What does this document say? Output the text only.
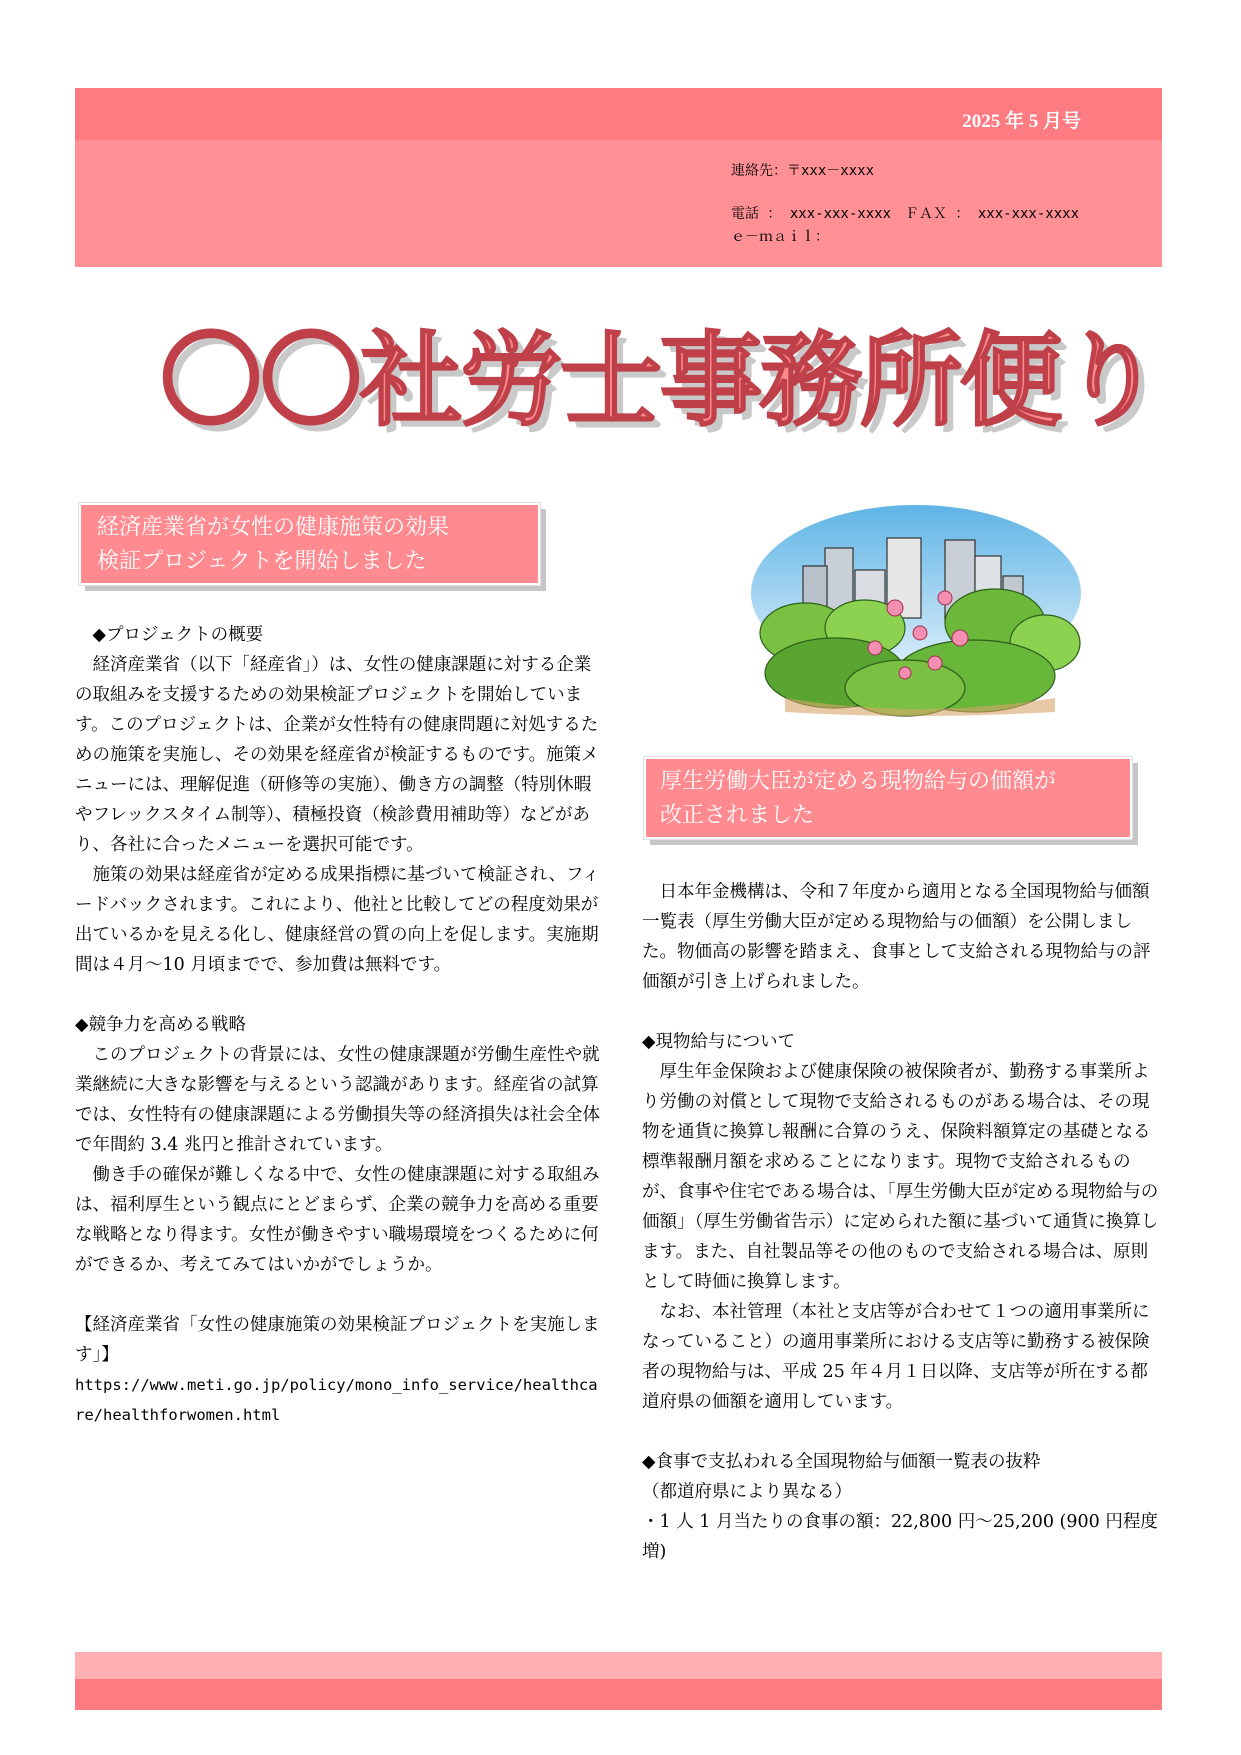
2025 年 5 月号
連絡先：〒xxx－xxxx
電話 ： xxx-xxx-xxxx　ＦＡＸ ： xxx-xxx-xxxx
ｅ－ｍａｉｌ：
〇〇社労士事務所便り
経済産業省が女性の健康施策の効果
検証プロジェクトを開始しました

◆プロジェクトの概要

経済産業省（以下「経産省」）は、女性の健康課題に対する企業の取組みを支援するための効果検証プロジェクトを開始しています。このプロジェクトは、企業が女性特有の健康問題に対処するための施策を実施し、その効果を経産省が検証するものです。施策メニューには、理解促進（研修等の実施）、働き方の調整（特別休暇やフレックスタイム制等）、積極投資（検診費用補助等）などがあり、各社に合ったメニューを選択可能です。

施策の効果は経産省が定める成果指標に基づいて検証され、フィードバックされます。これにより、他社と比較してどの程度効果が出ているかを見える化し、健康経営の質の向上を促します。実施期間は４月～10 月頃までで、参加費は無料です。

◆競争力を高める戦略

このプロジェクトの背景には、女性の健康課題が労働生産性や就業継続に大きな影響を与えるという認識があります。経産省の試算では、女性特有の健康課題による労働損失等の経済損失は社会全体で年間約 3.4 兆円と推計されています。

働き手の確保が難しくなる中で、女性の健康課題に対する取組みは、福利厚生という観点にとどまらず、企業の競争力を高める重要な戦略となり得ます。女性が働きやすい職場環境をつくるために何ができるか、考えてみてはいかがでしょうか。

【経済産業省「女性の健康施策の効果検証プロジェクトを実施します」】

https://www.meti.go.jp/policy/mono_info_service/healthcare/healthforwomen.html

厚生労働大臣が定める現物給与の価額が
改正されました

日本年金機構は、令和７年度から適用となる全国現物給与価額一覧表（厚生労働大臣が定める現物給与の価額）を公開しました。物価高の影響を踏まえ、食事として支給される現物給与の評価額が引き上げられました。

◆現物給与について

厚生年金保険および健康保険の被保険者が、勤務する事業所より労働の対償として現物で支給されるものがある場合は、その現物を通貨に換算し報酬に合算のうえ、保険料額算定の基礎となる標準報酬月額を求めることになります。現物で支給されるものが、食事や住宅である場合は、「厚生労働大臣が定める現物給与の価額」（厚生労働省告示）に定められた額に基づいて通貨に換算します。また、自社製品等その他のもので支給される場合は、原則として時価に換算します。

なお、本社管理（本社と支店等が合わせて１つの適用事業所になっていること）の適用事業所における支店等に勤務する被保険者の現物給与は、平成 25 年４月１日以降、支店等が所在する都道府県の価額を適用しています。

◆食事で支払われる全国現物給与価額一覧表の抜粋

（都道府県により異なる）

・1 人 1 月当たりの食事の額：22,800 円～25,200 (900 円程度増)
